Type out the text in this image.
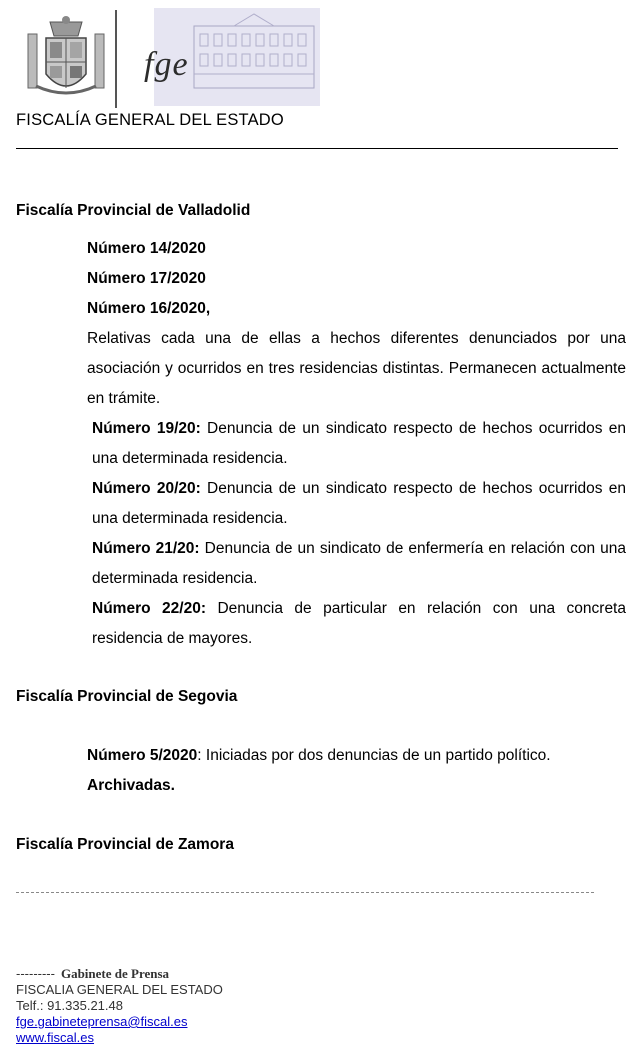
fge
FISCALÍA GENERAL DEL ESTADO
Fiscalía Provincial de Valladolid
Número 14/2020
Número 17/2020
Número 16/2020,
Relativas cada una de ellas a hechos diferentes denunciados por una asociación y ocurridos en tres residencias distintas. Permanecen actualmente en trámite.
Número 19/20: Denuncia de un sindicato respecto de hechos ocurridos en una determinada residencia.
Número 20/20: Denuncia de un sindicato respecto de hechos ocurridos en una determinada residencia.
Número 21/20: Denuncia de un sindicato de enfermería en relación con una determinada residencia.
Número 22/20: Denuncia de particular en relación con una concreta residencia de mayores.
Fiscalía Provincial de Segovia
Número 5/2020: Iniciadas por dos denuncias de un partido político.
Archivadas.
Fiscalía Provincial de Zamora
--------- Gabinete de Prensa
FISCALIA GENERAL DEL ESTADO
Telf.: 91.335.21.48
fge.gabineteprensa@fiscal.es
www.fiscal.es
